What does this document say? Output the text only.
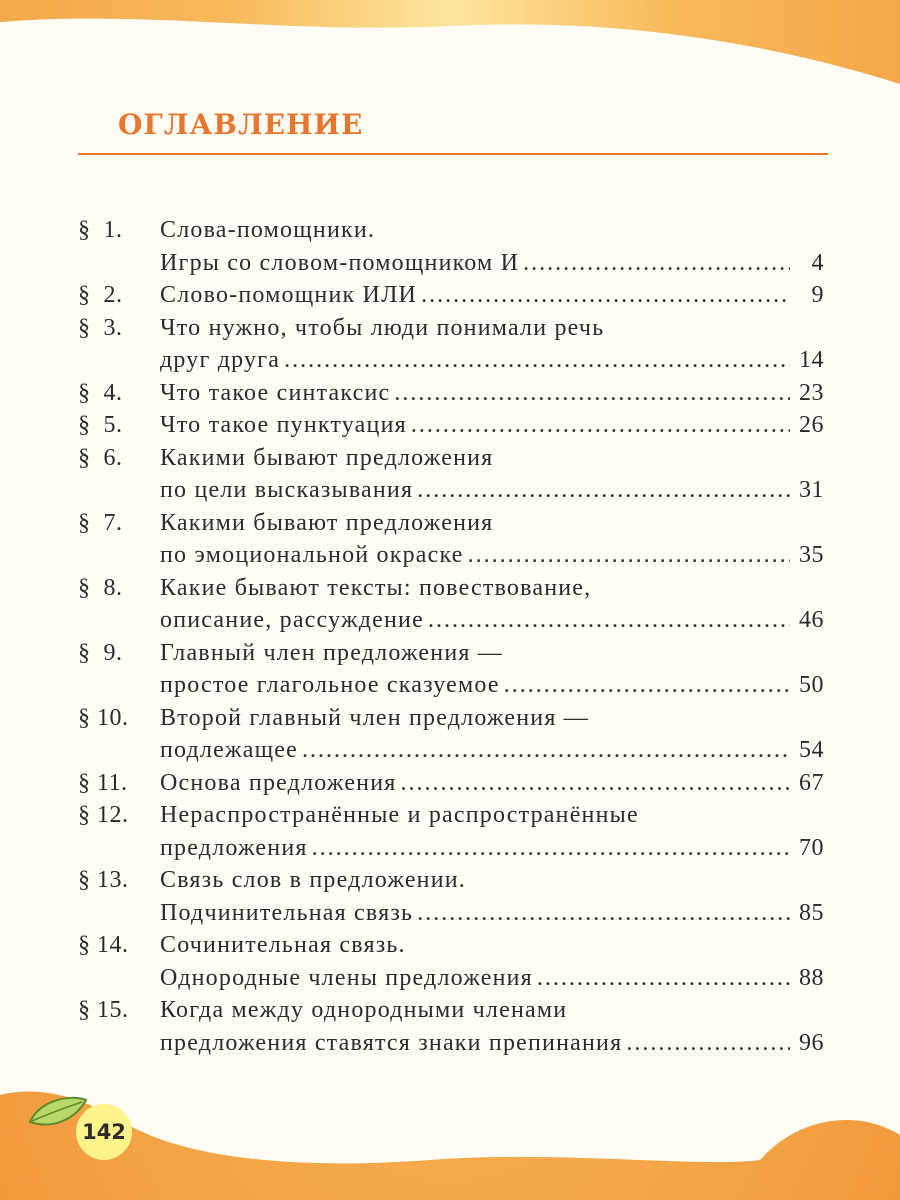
ОГЛАВЛЕНИЕ
§  1.	Слова-помощники.
Игры со словом-помощником И .....	4
§  2.	Слово-помощник ИЛИ .....	9
§  3.	Что нужно, чтобы люди понимали речь
друг друга .....	14
§  4.	Что такое синтаксис .....	23
§  5.	Что такое пунктуация .....	26
§  6.	Какими бывают предложения
по цели высказывания .....	31
§  7.	Какими бывают предложения
по эмоциональной окраске .....	35
§  8.	Какие бывают тексты: повествование,
описание, рассуждение .....	46
§  9.	Главный член предложения —
простое глагольное сказуемое .....	50
§ 10.	Второй главный член предложения —
подлежащее .....	54
§ 11.	Основа предложения .....	67
§ 12.	Нераспространённые и распространённые
предложения .....	70
§ 13.	Связь слов в предложении.
Подчинительная связь .....	85
§ 14.	Сочинительная связь.
Однородные члены предложения .....	88
§ 15.	Когда между однородными членами
предложения ставятся знаки препинания .....	96
142
